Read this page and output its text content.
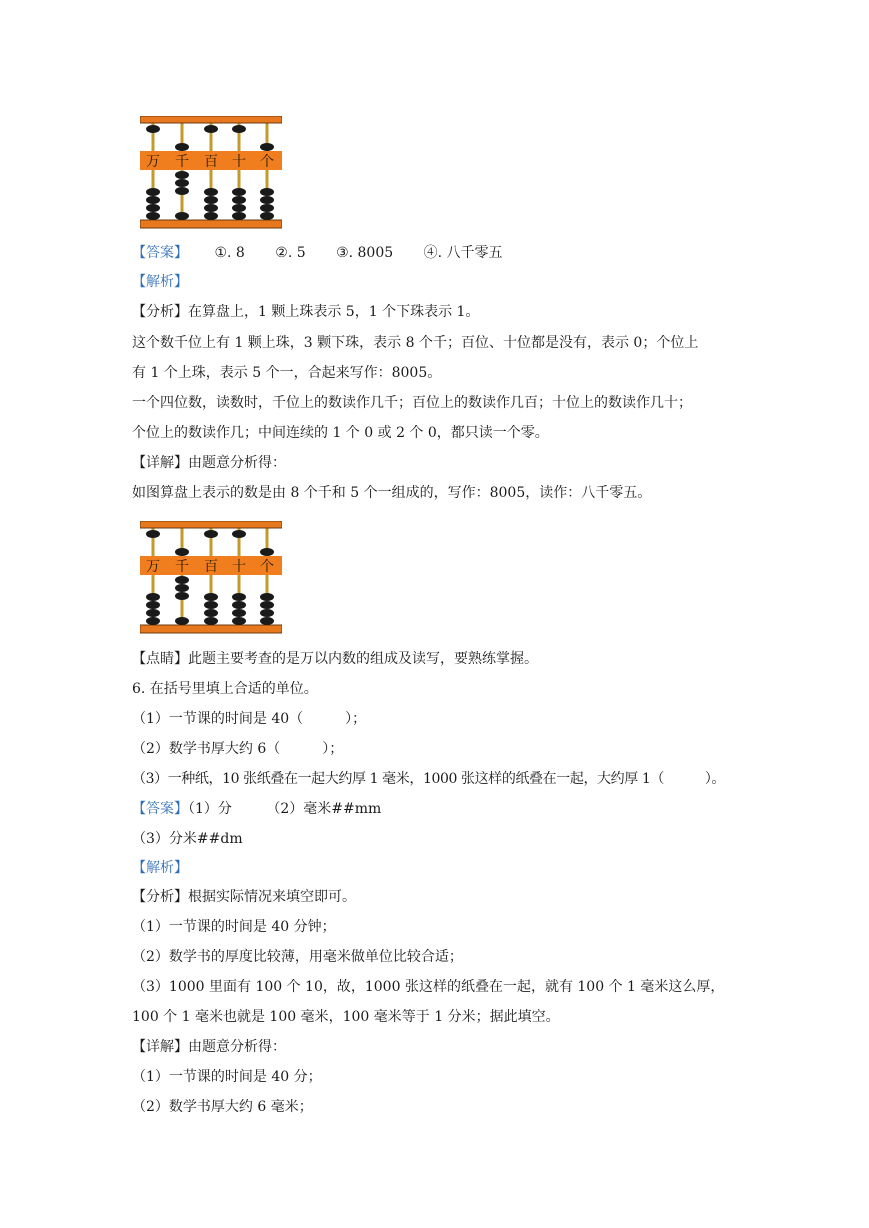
万 千 百 十 个
【答案】 ①. 8 ②. 5 ③. 8005 ④. 八千零五
【解析】
【分析】在算盘上，1 颗上珠表示 5，1 个下珠表示 1。
这个数千位上有 1 颗上珠，3 颗下珠，表示 8 个千；百位、十位都是没有，表示 0；个位上
有 1 个上珠，表示 5 个一，合起来写作：8005。
一个四位数，读数时，千位上的数读作几千；百位上的数读作几百；十位上的数读作几十；
个位上的数读作几；中间连续的 1 个 0 或 2 个 0，都只读一个零。
【详解】由题意分析得：
如图算盘上表示的数是由 8 个千和 5 个一组成的，写作：8005，读作：八千零五。
万 千 百 十 个
【点睛】此题主要考查的是万以内数的组成及读写，要熟练掌握。
6. 在括号里填上合适的单位。
（1）一节课的时间是 40（　　　）；
（2）数学书厚大约 6（　　　）；
（3）一种纸，10 张纸叠在一起大约厚 1 毫米，1000 张这样的纸叠在一起，大约厚 1（　　　）。
【答案】（1）分 （2）毫米##mm
（3）分米##dm
【解析】
【分析】根据实际情况来填空即可。
（1）一节课的时间是 40 分钟；
（2）数学书的厚度比较薄，用毫米做单位比较合适；
（3）1000 里面有 100 个 10，故，1000 张这样的纸叠在一起，就有 100 个 1 毫米这么厚，
100 个 1 毫米也就是 100 毫米，100 毫米等于 1 分米；据此填空。
【详解】由题意分析得：
（1）一节课的时间是 40 分；
（2）数学书厚大约 6 毫米；
